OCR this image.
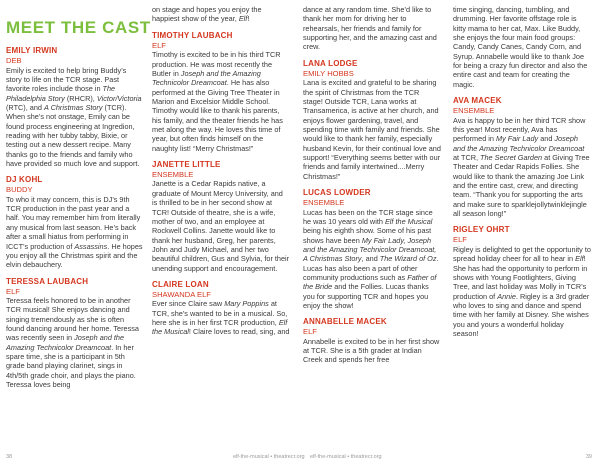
MEET THE CAST

EMILY IRWIN

DEB

Emily is excited to help bring Buddy’s story to life on the TCR stage. Past favorite roles include those in The Philadelphia Story (RHCR), Victor/Victoria (RTC), and A Christmas Story (TCR). When she’s not onstage, Emily can be found process engineering at Ingredion, reading with her tubby tabby, Bixie, or testing out a new dessert recipe. Many thanks go to the friends and family who have provided so much love and support.

DJ KOHL

BUDDY

To who it may concern, this is DJ’s 9th TCR production in the past year and a half. You may remember him from literally any musical from last season. He’s back after a small hiatus from performing in ICCT’s production of Assassins. He hopes you enjoy all the Christmas spirit and the elvin debauchery.

TERESSA LAUBACH

ELF

Teressa feels honored to be in another TCR musical! She enjoys dancing and singing tremendously as she is often found dancing around her home. Teressa was recently seen in Joseph and the Amazing Technicolor Dreamcoat. In her spare time, she is a participant in 5th grade band playing clarinet, sings in 4th/5th grade choir, and plays the piano. Teressa loves being

on stage and hopes you enjoy the happiest show of the year, Elf!

TIMOTHY LAUBACH

ELF

Timothy is excited to be in his third TCR production. He was most recently the Butler in Joseph and the Amazing Technicolor Dreamcoat. He has also performed at the Giving Tree Theater in Marion and Excelsior Middle School. Timothy would like to thank his parents, his family, and the theater friends he has met along the way. He loves this time of year, but often finds himself on the naughty list! “Merry Christmas!”

JANETTE LITTLE

ENSEMBLE

Janette is a Cedar Rapids native, a graduate of Mount Mercy University, and is thrilled to be in her second show at TCR! Outside of theatre, she is a wife, mother of two, and an employee at Rockwell Collins. Janette would like to thank her husband, Greg, her parents, John and Judy Michael, and her two beautiful children, Gus and Sylvia, for their unending support and encouragement.

CLAIRE LOAN

SHAWANDA ELF

Ever since Claire saw Mary Poppins at TCR, she’s wanted to be in a musical. So, here she is in her first TCR production, Elf the Musical! Claire loves to read, sing, and

dance at any random time. She’d like to thank her mom for driving her to rehearsals, her friends and family for supporting her, and the amazing cast and crew.

LANA LODGE

EMILY HOBBS

Lana is excited and grateful to be sharing the spirit of Christmas from the TCR stage! Outside TCR, Lana works at Transamerica, is active at her church, and enjoys flower gardening, travel, and spending time with family and friends. She would like to thank her family, especially husband Kevin, for their continual love and support! “Everything seems better with our friends and family intertwined....Merry Christmas!”

LUCAS LOWDER

ENSEMBLE

Lucas has been on the TCR stage since he was 10 years old with Elf the Musical being his eighth show. Some of his past shows have been My Fair Lady, Joseph and the Amazing Technicolor Dreamcoat, A Christmas Story, and The Wizard of Oz. Lucas has also been a part of other community productions such as Father of the Bride and the Follies. Lucas thanks you for supporting TCR and hopes you enjoy the show!

ANNABELLE MACEK

ELF

Annabelle is excited to be in her first show at TCR. She is a 5th grader at Indian Creek and spends her free

time singing, dancing, tumbling, and drumming. Her favorite offstage role is kitty mama to her cat, Max. Like Buddy, she enjoys the four main food groups: Candy, Candy Canes, Candy Corn, and Syrup. Annabelle would like to thank Joe for being a crazy fun director and also the entire cast and team for creating the magic.

AVA MACEK

ENSEMBLE

Ava is happy to be in her third TCR show this year! Most recently, Ava has performed in My Fair Lady and Joseph and the Amazing Technicolor Dreamcoat at TCR, The Secret Garden at Giving Tree Theater and Cedar Rapids Follies. She would like to thank the amazing Joe Link and the entire cast, crew, and directing team. “Thank you for supporting the arts and make sure to sparklejollytwinklejingle all season long!”

RIGLEY OHRT

ELF

Rigley is delighted to get the opportunity to spread holiday cheer for all to hear in Elf! She has had the opportunity to perform in shows with Young Footlighters, Giving Tree, and last holiday was Molly in TCR’s production of Annie. Rigley is a 3rd grader who loves to sing and dance and spend time with her family at Disney. She wishes you and yours a wonderful holiday season!

38	elf-the-musical • theatrecr.org elf-the-musical • theatrecr.org	39
